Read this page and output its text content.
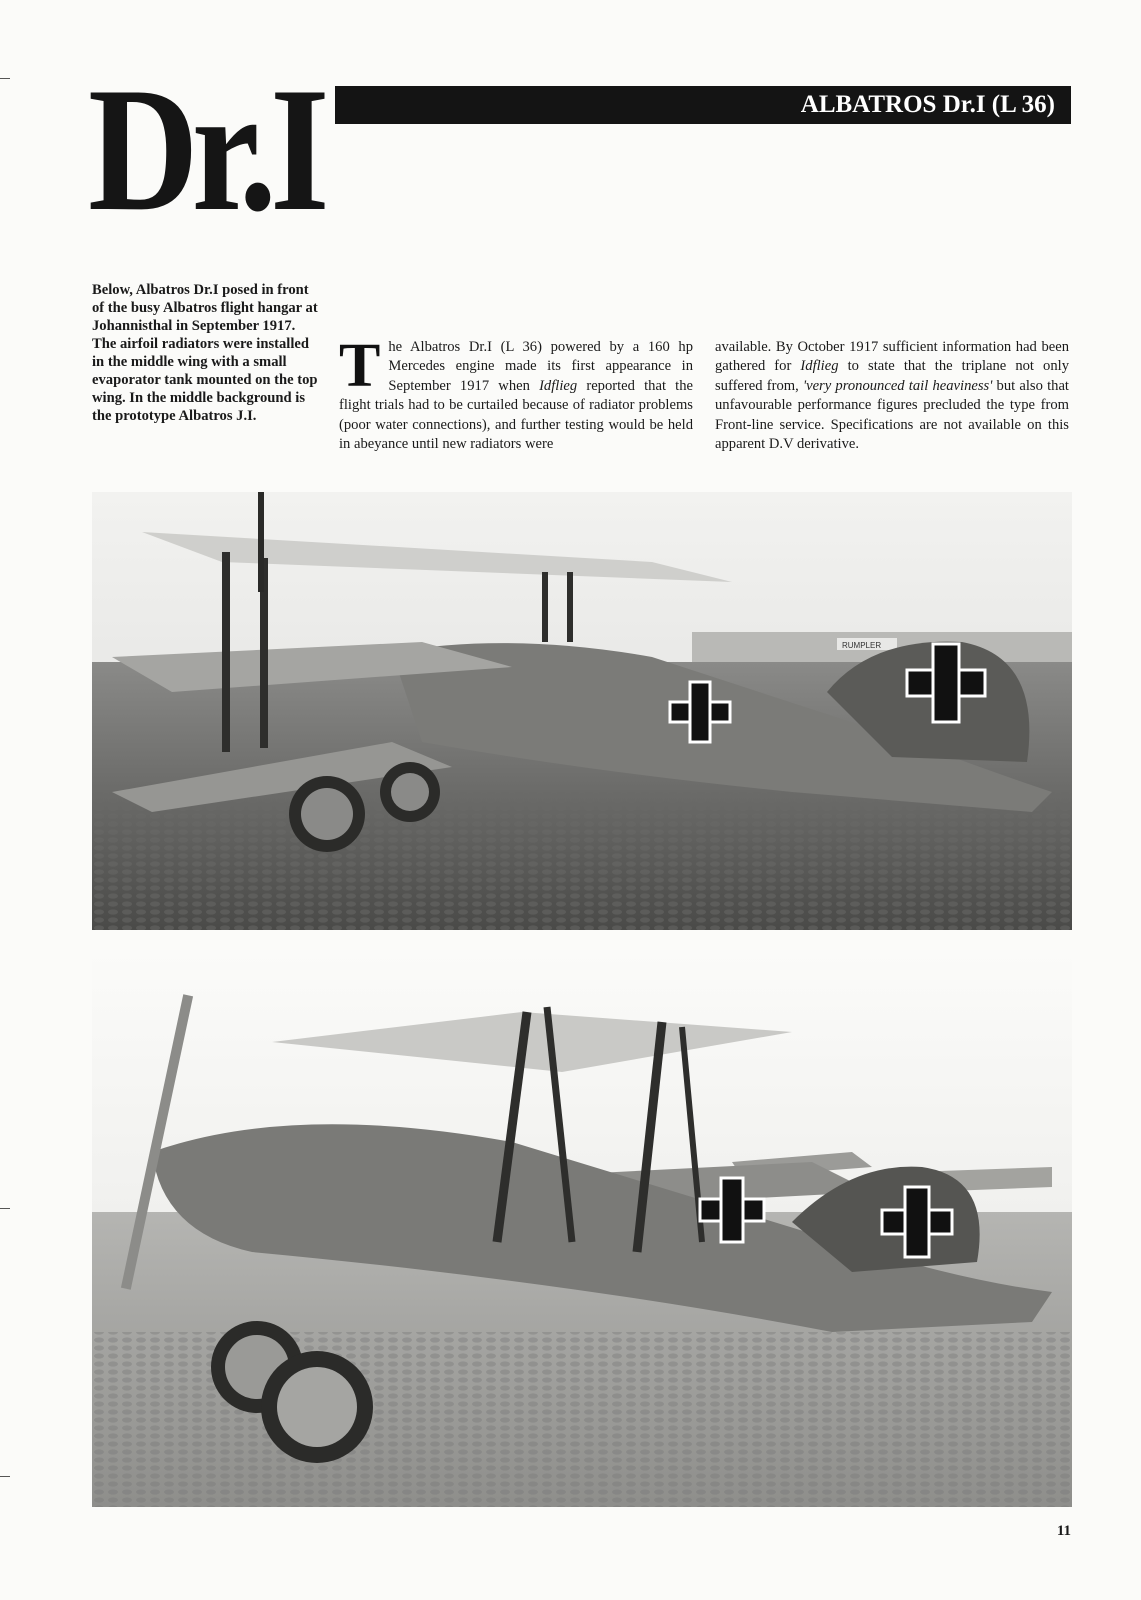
Dr.I	ALBATROS Dr.I (L 36)

Below, Albatros Dr.I posed in front of the busy Albatros flight hangar at Johannisthal in September 1917. The airfoil radiators were installed in the middle wing with a small evaporator tank mounted on the top wing. In the middle background is the prototype Albatros J.I.

The Albatros Dr.I (L 36) powered by a 160 hp Mercedes engine made its first appearance in September 1917 when Idflieg reported that the flight trials had to be curtailed because of radiator problems (poor water connections), and further testing would be held in abeyance until new radiators were

available. By October 1917 sufficient information had been gathered for Idflieg to state that the triplane not only suffered from, 'very pronounced tail heaviness' but also that unfavourable performance figures precluded the type from Front-line service. Specifications are not available on this apparent D.V derivative.

RUMPLER
11
